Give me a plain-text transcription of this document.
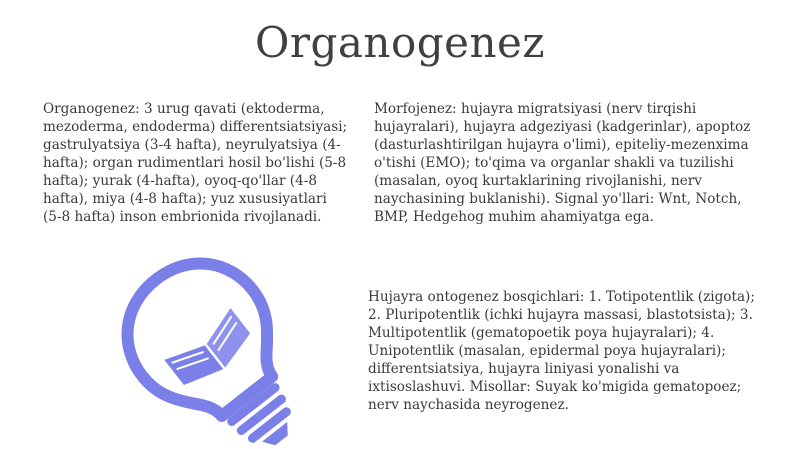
Organogenez

Organogenez: 3 urug qavati (ektoderma, mezoderma, endoderma) differentsiatsiyasi; gastrulyatsiya (3-4 hafta), neyrulyatsiya (4-hafta); organ rudimentlari hosil bo'lishi (5-8 hafta); yurak (4-hafta), oyoq-qo'llar (4-8 hafta), miya (4-8 hafta); yuz xususiyatlari (5-8 hafta) inson embrionida rivojlanadi.

Morfojenez: hujayra migratsiyasi (nerv tirqishi hujayralari), hujayra adgeziyasi (kadgerinlar), apoptoz (dasturlashtirilgan hujayra o'limi), epiteliy-mezenxima o'tishi (EMO); to'qima va organlar shakli va tuzilishi (masalan, oyoq kurtaklarining rivojlanishi, nerv naychasining buklanishi). Signal yo'llari: Wnt, Notch, BMP, Hedgehog muhim ahamiyatga ega.

Hujayra ontogenez bosqichlari: 1. Totipotentlik (zigota); 2. Pluripotentlik (ichki hujayra massasi, blastotsista); 3. Multipotentlik (gematopoetik poya hujayralari); 4. Unipotentlik (masalan, epidermal poya hujayralari); differentsiatsiya, hujayra liniyasi yonalishi va ixtisoslashuvi. Misollar: Suyak ko'migida gematopoez; nerv naychasida neyrogenez.
